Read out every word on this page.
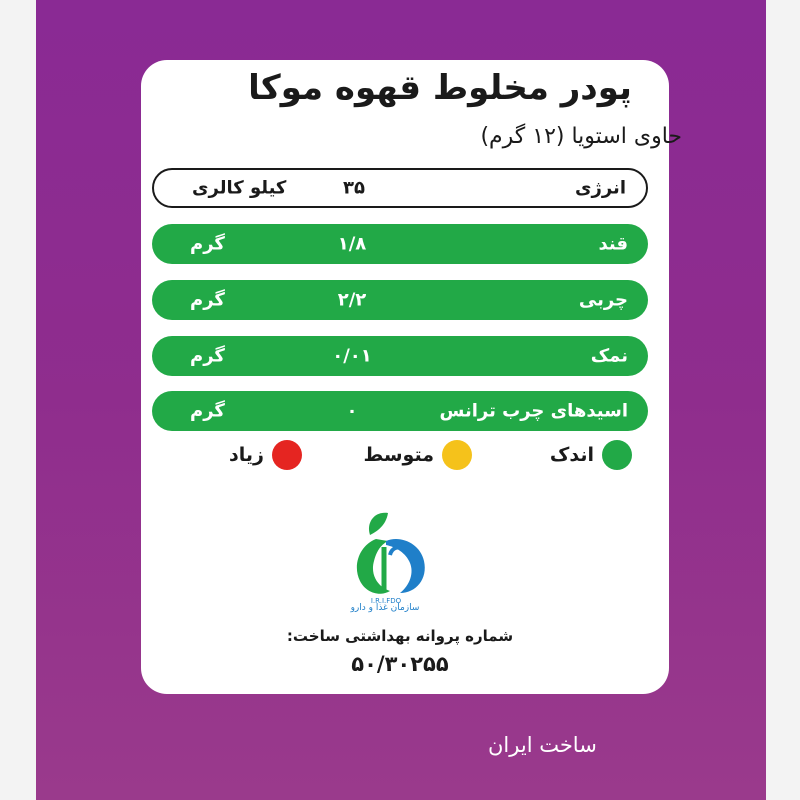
پودر مخلوط قهوه موکا
حاوی استویا (۱۲ گرم)
انرژی
۳۵
کیلو کالری
قند
۱/۸
گرم
چربی
۲/۲
گرم
نمک
۰/۰۱
گرم
اسیدهای چرب ترانس
۰
گرم
اندک
متوسط
زیاد
I.R.I.FDO
سازمان غذا و دارو
شماره پروانه بهداشتی ساخت:
۵۰/۳۰۲۵۵
ساخت ایران
